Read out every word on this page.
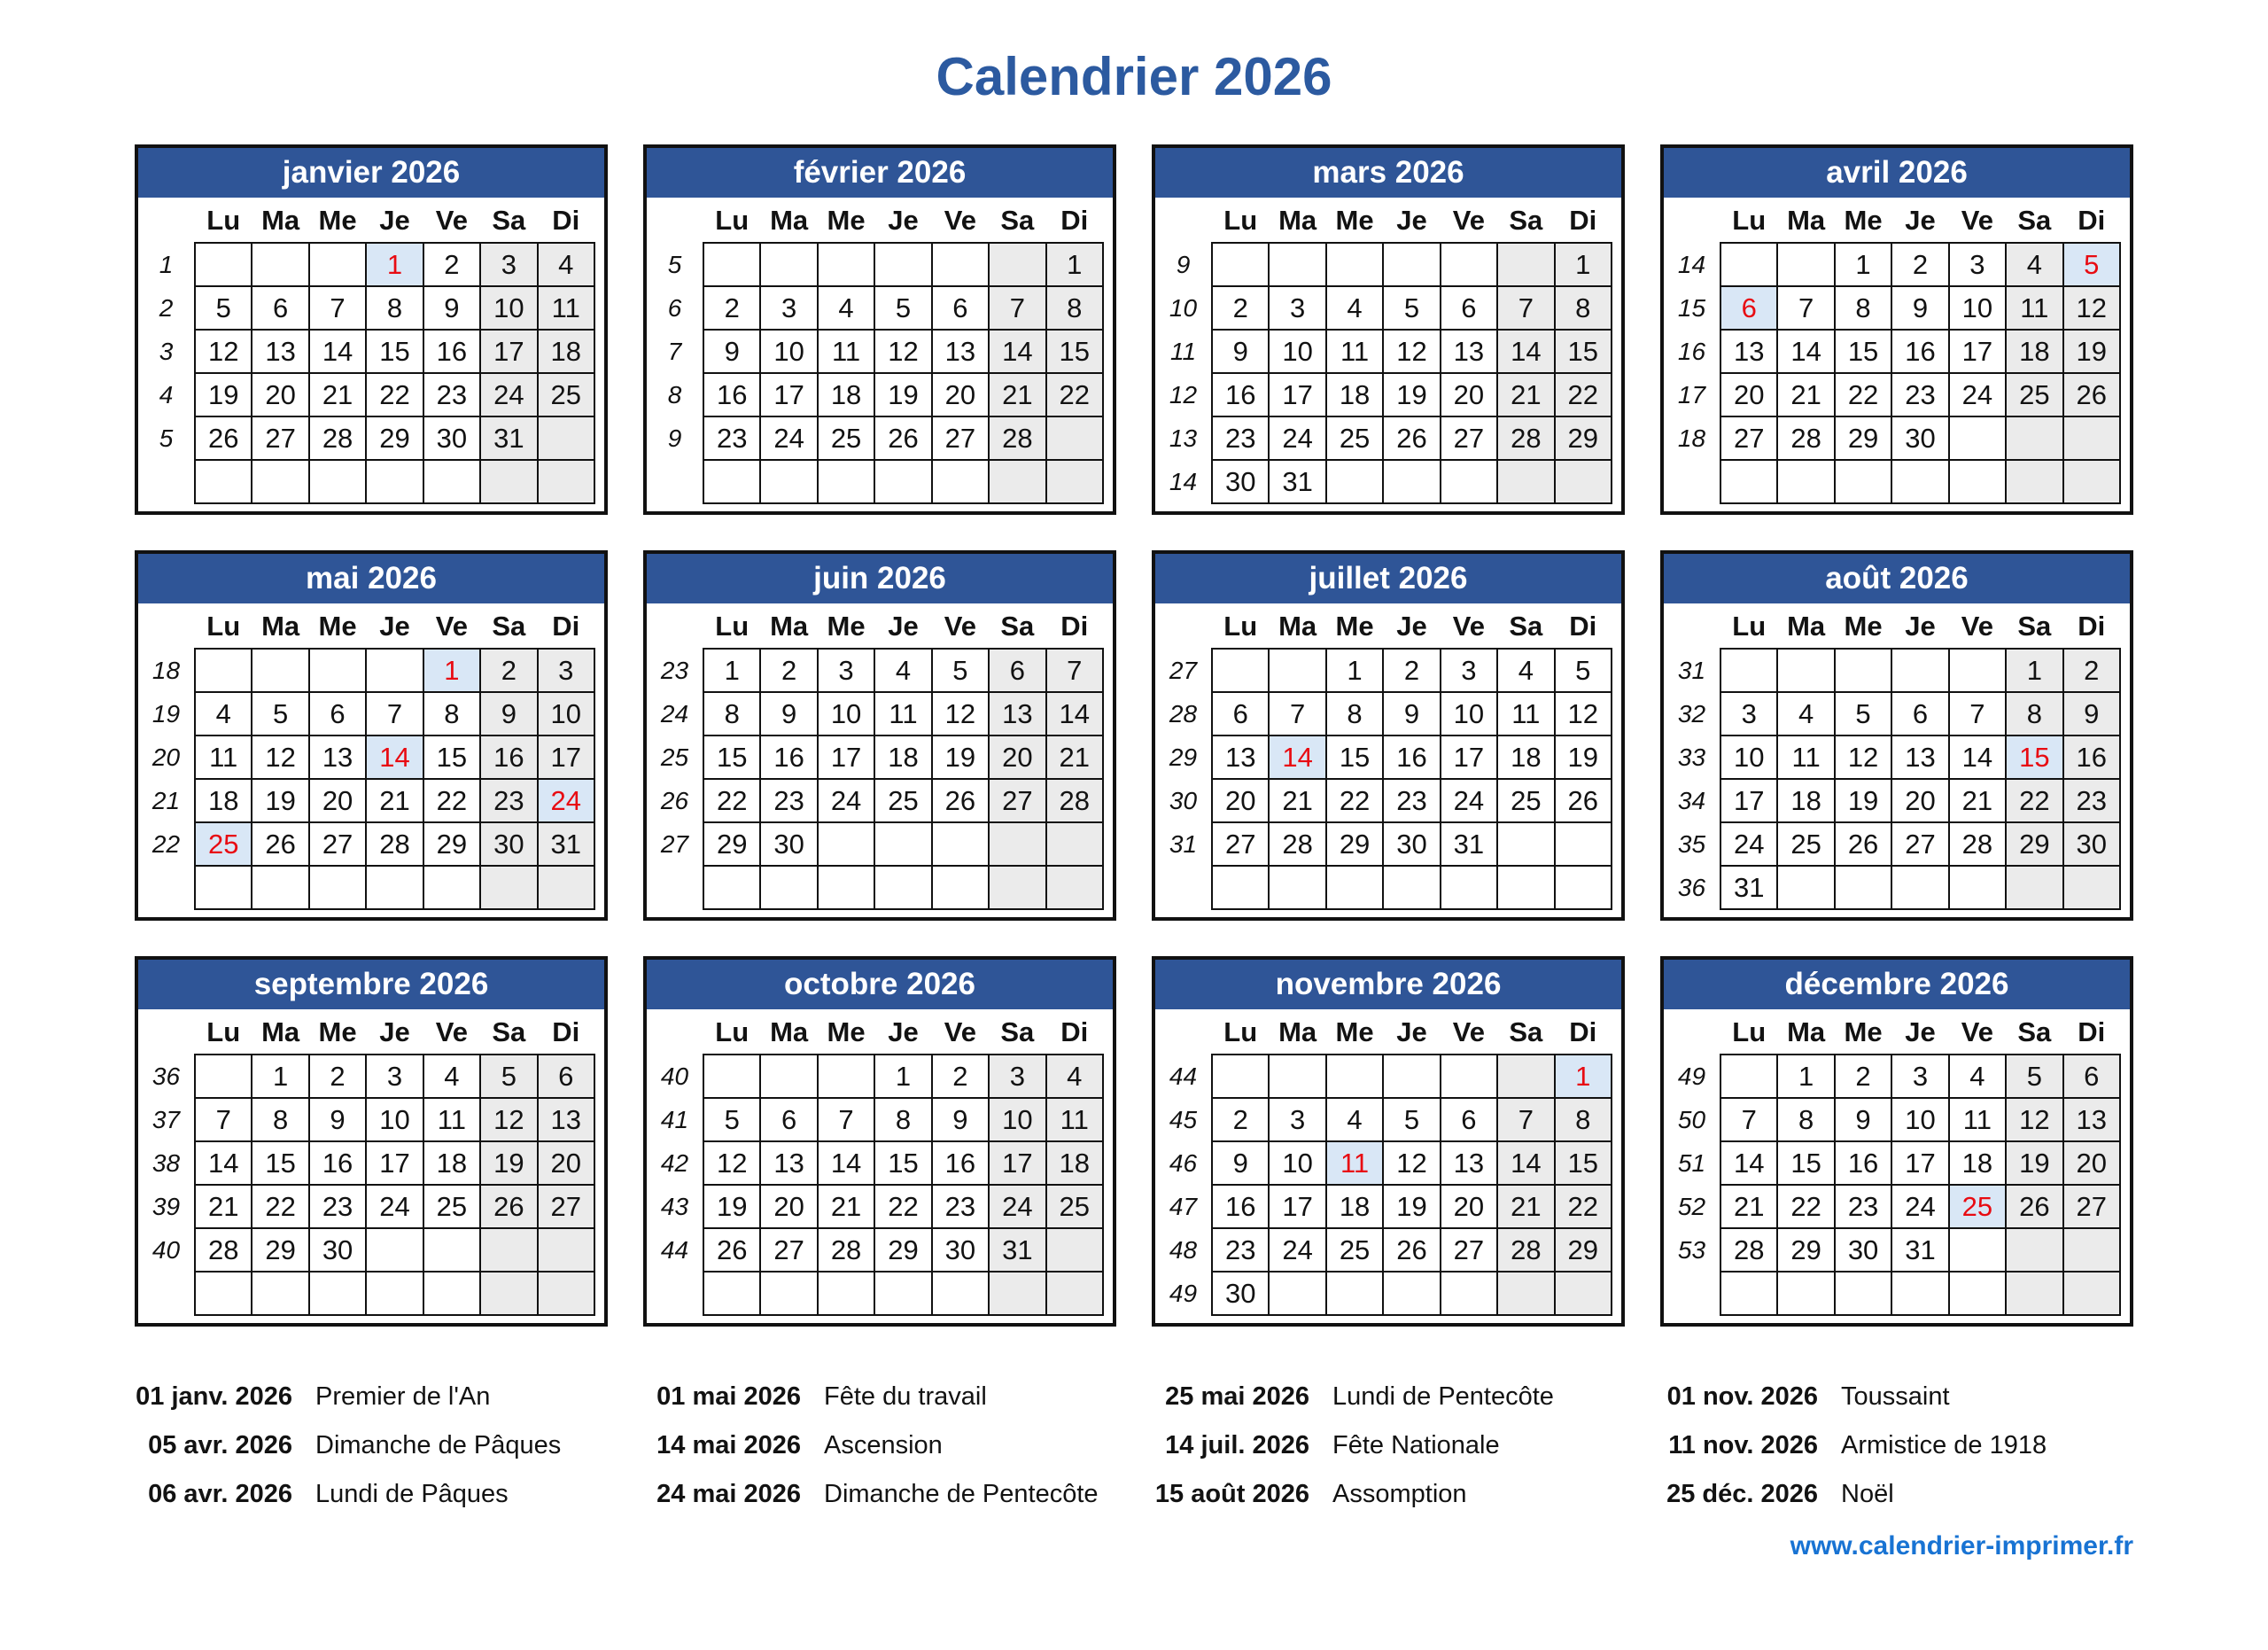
Calendrier 2026
janvier 2026
	Lu	Ma	Me	Je	Ve	Sa	Di
1				1	2	3	4
2	5	6	7	8	9	10	11
3	12	13	14	15	16	17	18
4	19	20	21	22	23	24	25
5	26	27	28	29	30	31	

février 2026
	Lu	Ma	Me	Je	Ve	Sa	Di
5							1
6	2	3	4	5	6	7	8
7	9	10	11	12	13	14	15
8	16	17	18	19	20	21	22
9	23	24	25	26	27	28	

mars 2026
	Lu	Ma	Me	Je	Ve	Sa	Di
9							1
10	2	3	4	5	6	7	8
11	9	10	11	12	13	14	15
12	16	17	18	19	20	21	22
13	23	24	25	26	27	28	29
14	30	31					
avril 2026
	Lu	Ma	Me	Je	Ve	Sa	Di
14			1	2	3	4	5
15	6	7	8	9	10	11	12
16	13	14	15	16	17	18	19
17	20	21	22	23	24	25	26
18	27	28	29	30			

mai 2026
	Lu	Ma	Me	Je	Ve	Sa	Di
18					1	2	3
19	4	5	6	7	8	9	10
20	11	12	13	14	15	16	17
21	18	19	20	21	22	23	24
22	25	26	27	28	29	30	31

juin 2026
	Lu	Ma	Me	Je	Ve	Sa	Di
23	1	2	3	4	5	6	7
24	8	9	10	11	12	13	14
25	15	16	17	18	19	20	21
26	22	23	24	25	26	27	28
27	29	30					

juillet 2026
	Lu	Ma	Me	Je	Ve	Sa	Di
27			1	2	3	4	5
28	6	7	8	9	10	11	12
29	13	14	15	16	17	18	19
30	20	21	22	23	24	25	26
31	27	28	29	30	31		

août 2026
	Lu	Ma	Me	Je	Ve	Sa	Di
31						1	2
32	3	4	5	6	7	8	9
33	10	11	12	13	14	15	16
34	17	18	19	20	21	22	23
35	24	25	26	27	28	29	30
36	31						
septembre 2026
	Lu	Ma	Me	Je	Ve	Sa	Di
36		1	2	3	4	5	6
37	7	8	9	10	11	12	13
38	14	15	16	17	18	19	20
39	21	22	23	24	25	26	27
40	28	29	30				

octobre 2026
	Lu	Ma	Me	Je	Ve	Sa	Di
40				1	2	3	4
41	5	6	7	8	9	10	11
42	12	13	14	15	16	17	18
43	19	20	21	22	23	24	25
44	26	27	28	29	30	31	

novembre 2026
	Lu	Ma	Me	Je	Ve	Sa	Di
44							1
45	2	3	4	5	6	7	8
46	9	10	11	12	13	14	15
47	16	17	18	19	20	21	22
48	23	24	25	26	27	28	29
49	30						
décembre 2026
	Lu	Ma	Me	Je	Ve	Sa	Di
49		1	2	3	4	5	6
50	7	8	9	10	11	12	13
51	14	15	16	17	18	19	20
52	21	22	23	24	25	26	27
53	28	29	30	31			

01 janv. 2026 Premier de l'An
05 avr. 2026 Dimanche de Pâques
06 avr. 2026 Lundi de Pâques
01 mai 2026 Fête du travail
14 mai 2026 Ascension
24 mai 2026 Dimanche de Pentecôte
25 mai 2026 Lundi de Pentecôte
14 juil. 2026 Fête Nationale
15 août 2026 Assomption
01 nov. 2026 Toussaint
11 nov. 2026 Armistice de 1918
25 déc. 2026 Noël
www.calendrier-imprimer.fr
